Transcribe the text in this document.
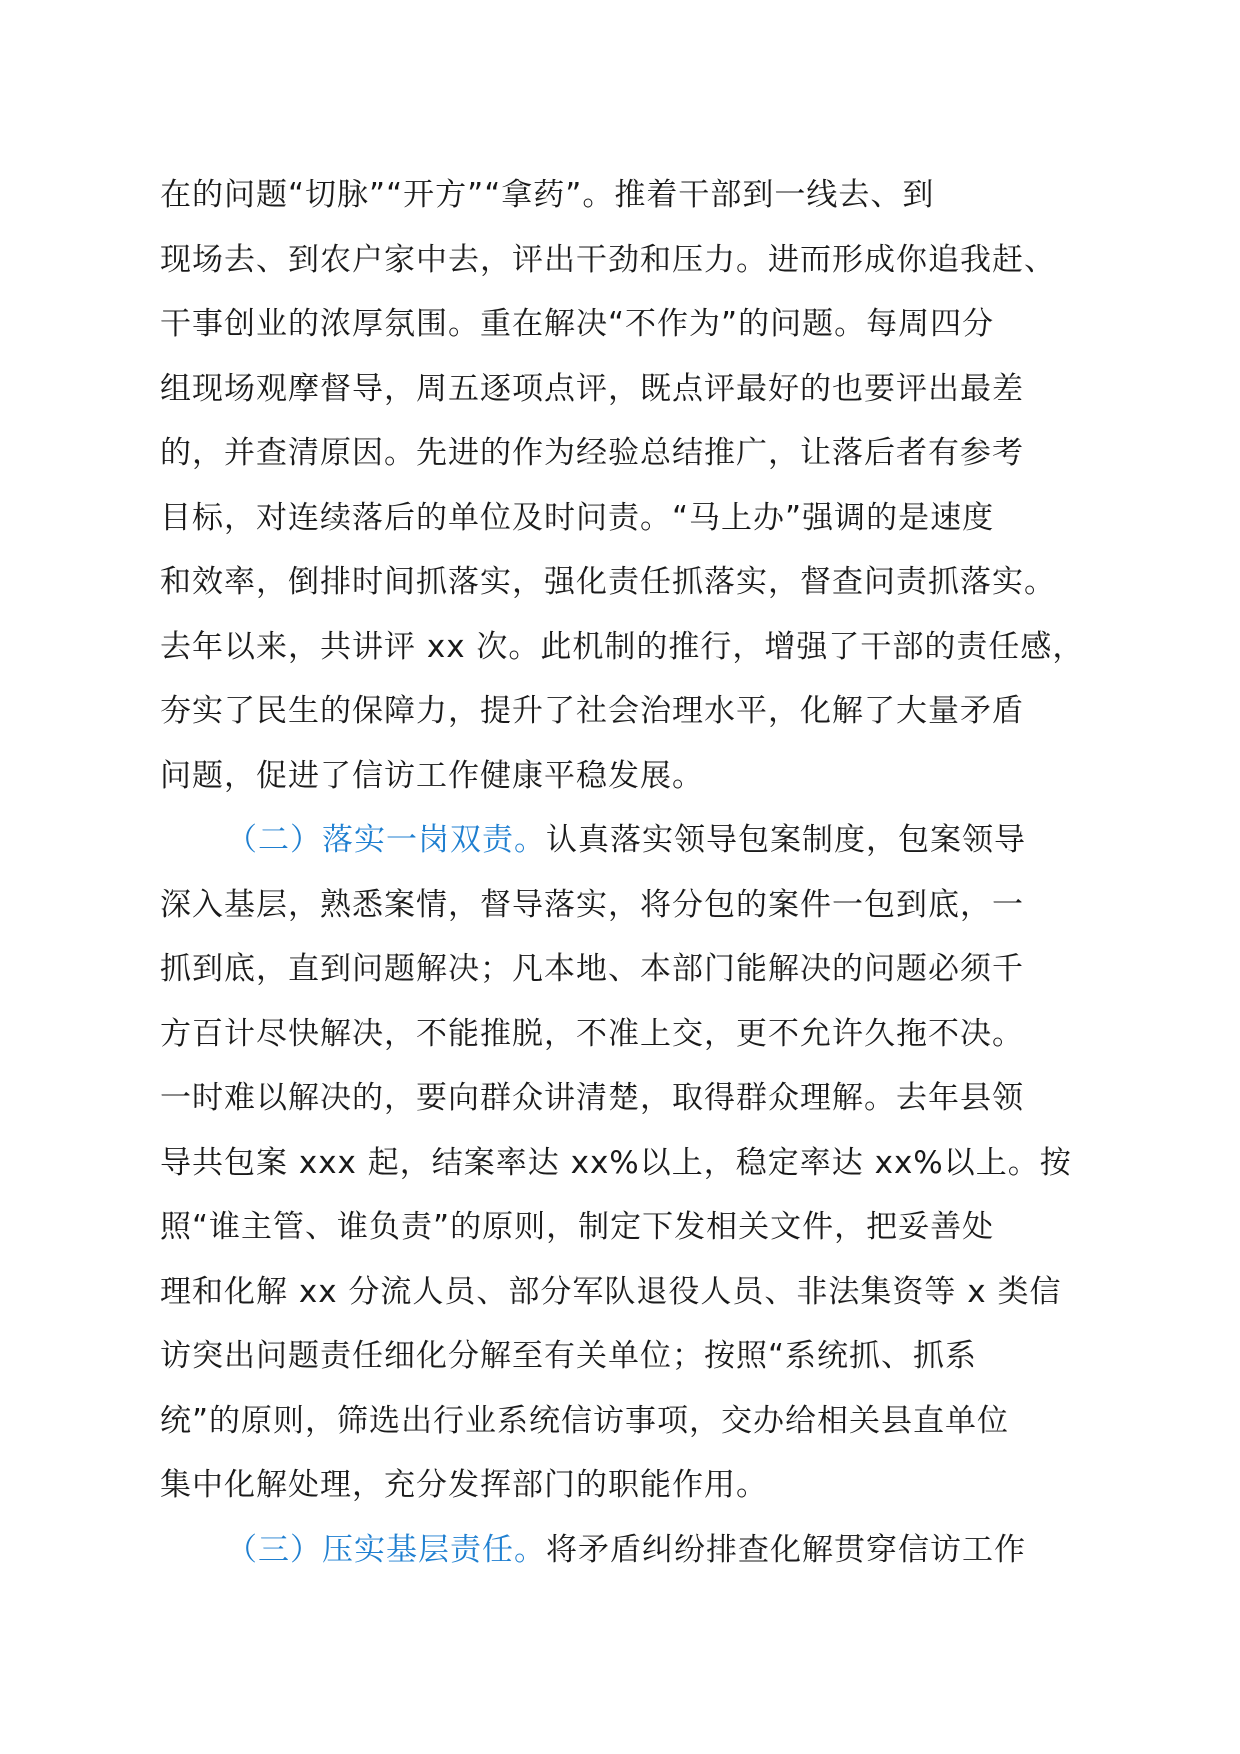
在的问题“切脉”“开方”“拿药”。推着干部到一线去、到
现场去、到农户家中去，评出干劲和压力。进而形成你追我赶、
干事创业的浓厚氛围。重在解决“不作为”的问题。每周四分
组现场观摩督导，周五逐项点评，既点评最好的也要评出最差
的，并查清原因。先进的作为经验总结推广，让落后者有参考
目标，对连续落后的单位及时问责。“马上办”强调的是速度
和效率，倒排时间抓落实，强化责任抓落实，督查问责抓落实。
去年以来，共讲评 xx 次。此机制的推行，增强了干部的责任感，
夯实了民生的保障力，提升了社会治理水平，化解了大量矛盾
问题，促进了信访工作健康平稳发展。

（二）落实一岗双责。认真落实领导包案制度，包案领导

深入基层，熟悉案情，督导落实，将分包的案件一包到底，一
抓到底，直到问题解决；凡本地、本部门能解决的问题必须千
方百计尽快解决，不能推脱，不准上交，更不允许久拖不决。
一时难以解决的，要向群众讲清楚，取得群众理解。去年县领
导共包案 xxx 起，结案率达 xx%以上，稳定率达 xx%以上。按
照“谁主管、谁负责”的原则，制定下发相关文件，把妥善处
理和化解 xx 分流人员、部分军队退役人员、非法集资等 x 类信
访突出问题责任细化分解至有关单位；按照“系统抓、抓系
统”的原则，筛选出行业系统信访事项，交办给相关县直单位
集中化解处理，充分发挥部门的职能作用。

（三）压实基层责任。将矛盾纠纷排查化解贯穿信访工作
